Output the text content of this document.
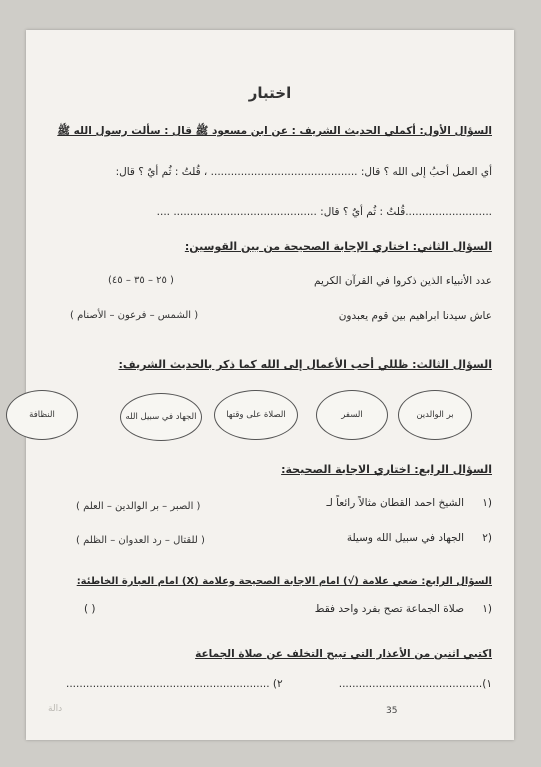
اختبار
السؤال الأول: أكملي الحديث الشريف : عن ابن مسعود ﷺ قال : سألت رسول الله ﷺ
أي العمل أحبُ إلى الله ؟ قال: ............................................ ، قُلتُ : ثُم أيٌ ؟ قال:
..........................قُلتُ : ثُم أيٌ ؟ قال: ........................................... ....
السؤال الثاني: اختاري الإجابة الصحيحة من بين القوسين:
عدد الأنبياء الذين ذكروا في القرآن الكريم
( ٢٥ – ٣٥ – ٤٥)
عاش سيدنا ابراهيم بين قوم يعبدون
( الشمس – فرعون – الأصنام )
السؤال الثالث: ظللي أحب الأعمال إلى الله كما ذكر بالحديث الشريف:
النظافة	الجهاد في سبيل الله	الصلاة على وقتها	السفر	بر الوالدين
السؤال الرابع: اختاري الاجابة الصحيحة:
١)
الشيخ احمد القطان مثالاً رائعاً لـ
( الصبر – بر الوالدين – العلم )
٢)
الجهاد في سبيل الله وسيلة
( للقتال – رد العدوان – الظلم )
السؤال الرابع: ضعي علامة (√) امام الاجابة الصحيحة وعلامة (X) امام العبارة الخاطئة:
١)
صلاة الجماعة تصح بفرد واحد فقط
( )
اكتبي اثنين من الأعذار التي تبيح التخلف عن صلاة الجماعة
١)...........................................
٢) .............................................................
35
دالة
